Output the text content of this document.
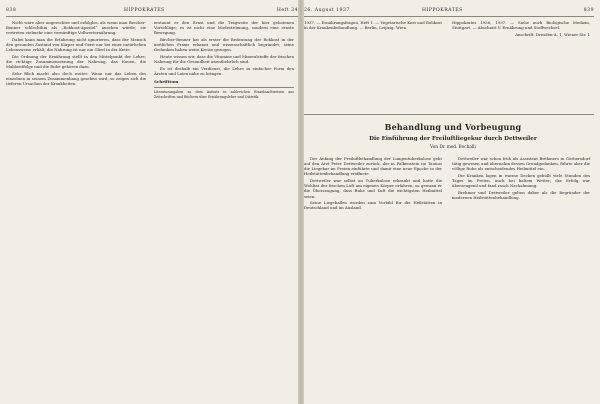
838	HIPPOKRATES	Heft 34

Nicht wäre aber ungerechter und erfolglos, als wenn man Brecher-Benner schlechthin als „Rohkost-Apostel“ ansehen würde; sie vertreten vielmehr eine vernünftige Vollwerternährung.

Dabei kann man die Erfahrung nicht ignorieren, dass der Mensch den gesunden Zustand von Körper und Geist nur bei einer natürlichen Lebensweise erhält; die Nahrung ist nur ein Glied in der Kette.

Die Ordnung der Ernährung stellt in den Mittelpunkt der Lehre; die richtige Zusammensetzung der Nahrung, das Kauen, die Mahlzeitfolge und die Ruhe gehören dazu.

Sehr Blick macht also doch weiter: Wenn nur das Leben des einzelnen in seinem Zusammenhang gesehen wird, so zeigen sich die tieferen Ursachen der Krankheiten.

erstaunt er den Ernst und die Tragweite der hier gebotenen Vorschläge; es ist nicht eine Modeströmung, sondern eine ernste Bewegung.

Bircher-Benner hat als erster die Bedeutung der Rohkost in der ärztlichen Praxis erkannt und wissenschaftlich begründet; seine Gedanken haben weite Kreise gezogen.

Heute wissen wir, dass die Vitamine und Mineralstoffe der frischen Nahrung für die Gesundheit unentbehrlich sind.

Es ist deshalb ein Verdienst, die Lehre in einfacher Form den Ärzten und Laien nahe zu bringen.

Schrifttum
Literaturangaben zu dem Aufsatz in zahlreichen Einzelnachweisen aus Zeitschriften und Büchern über Ernährungslehre und Diätetik.
26. August 1937	HIPPOKRATES	839

1937. — Ernährungsfragen, Heft 1. — Vegetarische Kost und Rohkost in der Krankenbehandlung. — Berlin, Leipzig, Wien.

Hippokrates 1936, 1937. — Siehe auch Biologische Medizin, Stuttgart. — Abschnitt V. Ernährung und Stoffwechsel.

Anschrift: Dresden-A. 1, Wiener Str. 1

Behandlung und Vorbeugung
Die Einführung der Freiluftliegekur durch Dettweiler
Von Dr. med. Bochalli

Der Anfang der Freiluftbehandlung der Lungentuberkulose geht auf den Arzt Peter Dettweiler zurück, der in Falkenstein im Taunus die Liegekur im Freien einführte und damit eine neue Epoche in der Heilstättenbehandlung eröffnete.

Dettweiler war selbst an Tuberkulose erkrankt und hatte die Wohltat der frischen Luft am eigenen Körper erfahren; so gewann er die Überzeugung, dass Ruhe und Luft die wichtigsten Heilmittel seien.

Seine Liegehallen wurden zum Vorbild für die Heilstätten in Deutschland und im Ausland.

Dettweiler war schon früh als Assistent Brehmers in Görbersdorf tätig gewesen und übernahm dessen Grundgedanken, führte aber die völlige Ruhe als entscheidendes Heilmittel ein.

Die Kranken lagen in warme Decken gehüllt viele Stunden des Tages im Freien, auch bei kaltem Wetter; der Erfolg war überzeugend und fand rasch Nachahmung.

Brehmer und Dettweiler gelten daher als die Begründer der modernen Heilstättenbehandlung.
